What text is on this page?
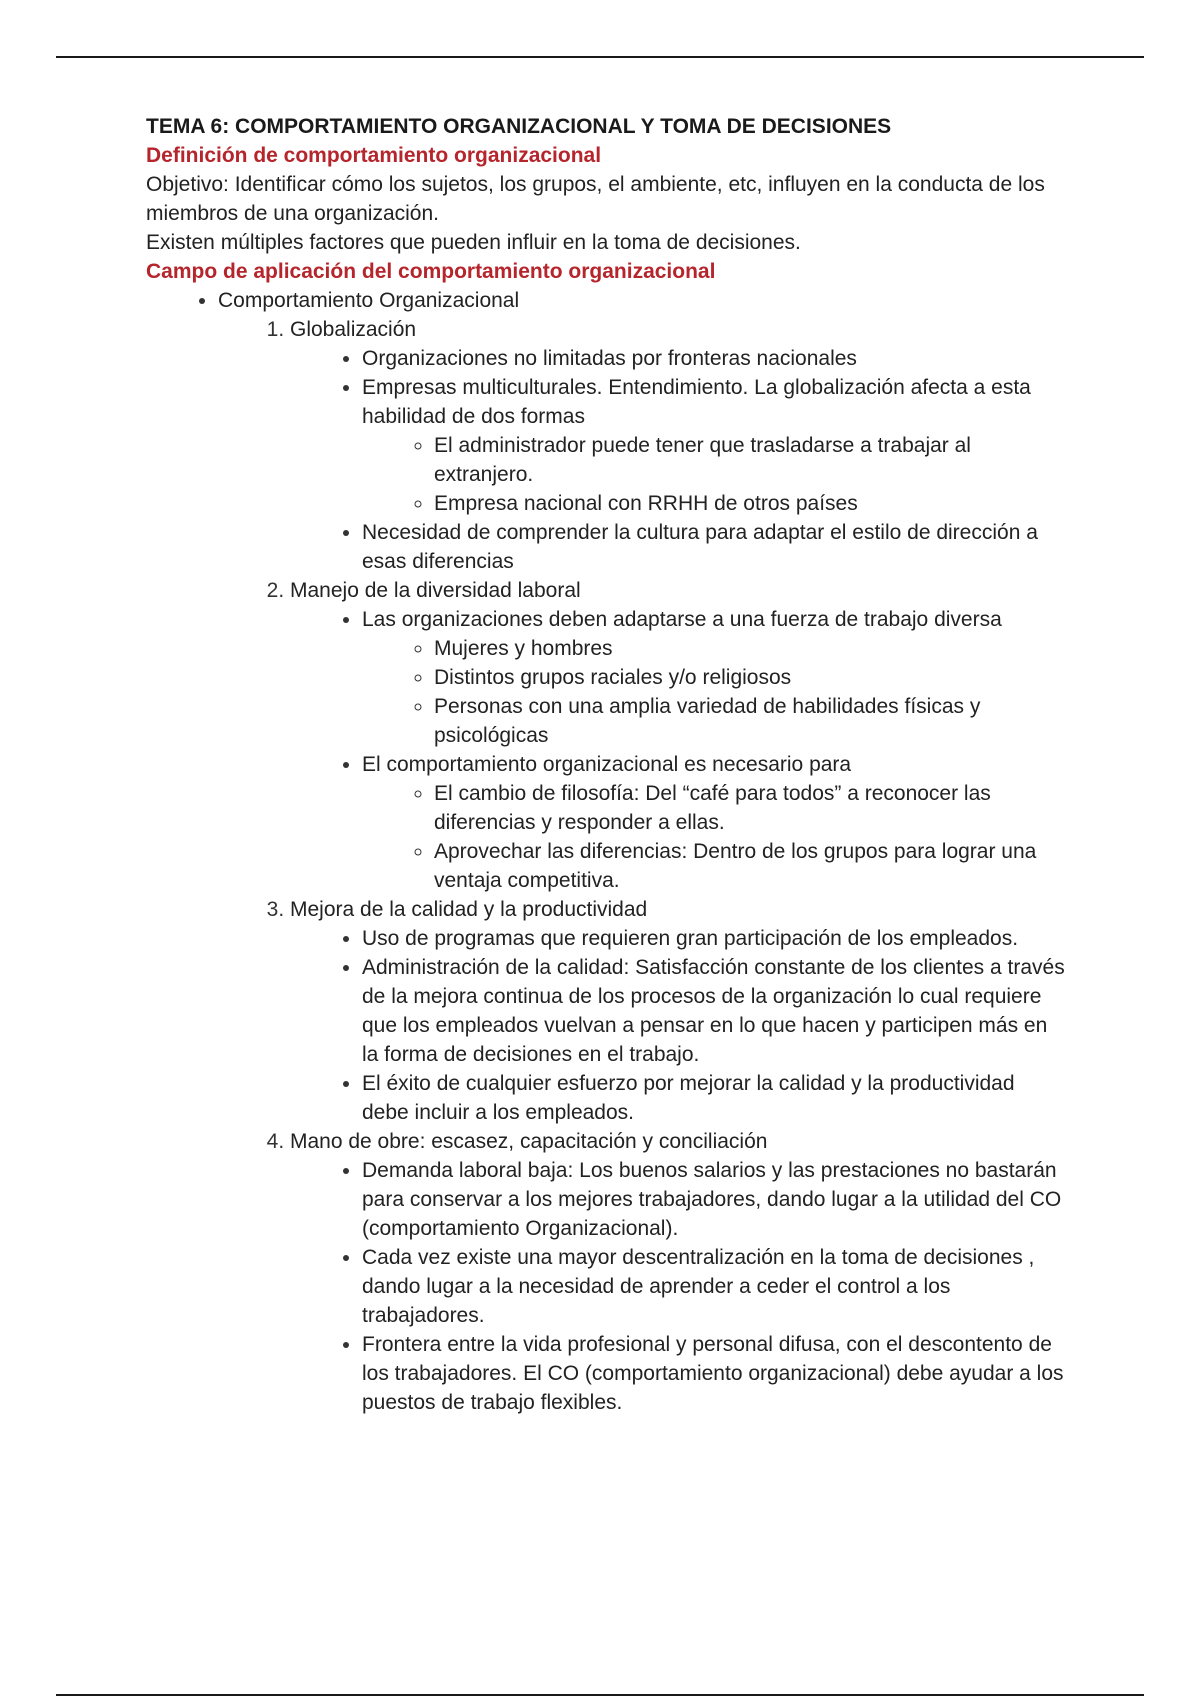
TEMA 6: COMPORTAMIENTO ORGANIZACIONAL Y TOMA DE DECISIONES

Definición de comportamiento organizacional

Objetivo: Identificar cómo los sujetos, los grupos, el ambiente, etc, influyen en la conducta de los miembros de una organización.

Existen múltiples factores que pueden influir en la toma de decisiones.

Campo de aplicación del comportamiento organizacional

• Comportamiento Organizacional
1. Globalización
• Organizaciones no limitadas por fronteras nacionales
• Empresas multiculturales. Entendimiento. La globalización afecta a esta habilidad de dos formas
◦ El administrador puede tener que trasladarse a trabajar al extranjero.
◦ Empresa nacional con RRHH de otros países
• Necesidad de comprender la cultura para adaptar el estilo de dirección a esas diferencias
2. Manejo de la diversidad laboral
• Las organizaciones deben adaptarse a una fuerza de trabajo diversa
◦ Mujeres y hombres
◦ Distintos grupos raciales y/o religiosos
◦ Personas con una amplia variedad de habilidades físicas y psicológicas
• El comportamiento organizacional es necesario para
◦ El cambio de filosofía: Del “café para todos” a reconocer las diferencias y responder a ellas.
◦ Aprovechar las diferencias: Dentro de los grupos para lograr una ventaja competitiva.
3. Mejora de la calidad y la productividad
• Uso de programas que requieren gran participación de los empleados.
• Administración de la calidad: Satisfacción constante de los clientes a través de la mejora continua de los procesos de la organización lo cual requiere que los empleados vuelvan a pensar en lo que hacen y participen más en la forma de decisiones en el trabajo.
• El éxito de cualquier esfuerzo por mejorar la calidad y la productividad debe incluir a los empleados.
4. Mano de obre: escasez, capacitación y conciliación
• Demanda laboral baja: Los buenos salarios y las prestaciones no bastarán para conservar a los mejores trabajadores, dando lugar a la utilidad del CO (comportamiento Organizacional).
• Cada vez existe una mayor descentralización en la toma de decisiones , dando lugar a la necesidad de aprender a ceder el control a los trabajadores.
• Frontera entre la vida profesional y personal difusa, con el descontento de los trabajadores. El CO (comportamiento organizacional) debe ayudar a los puestos de trabajo flexibles.
